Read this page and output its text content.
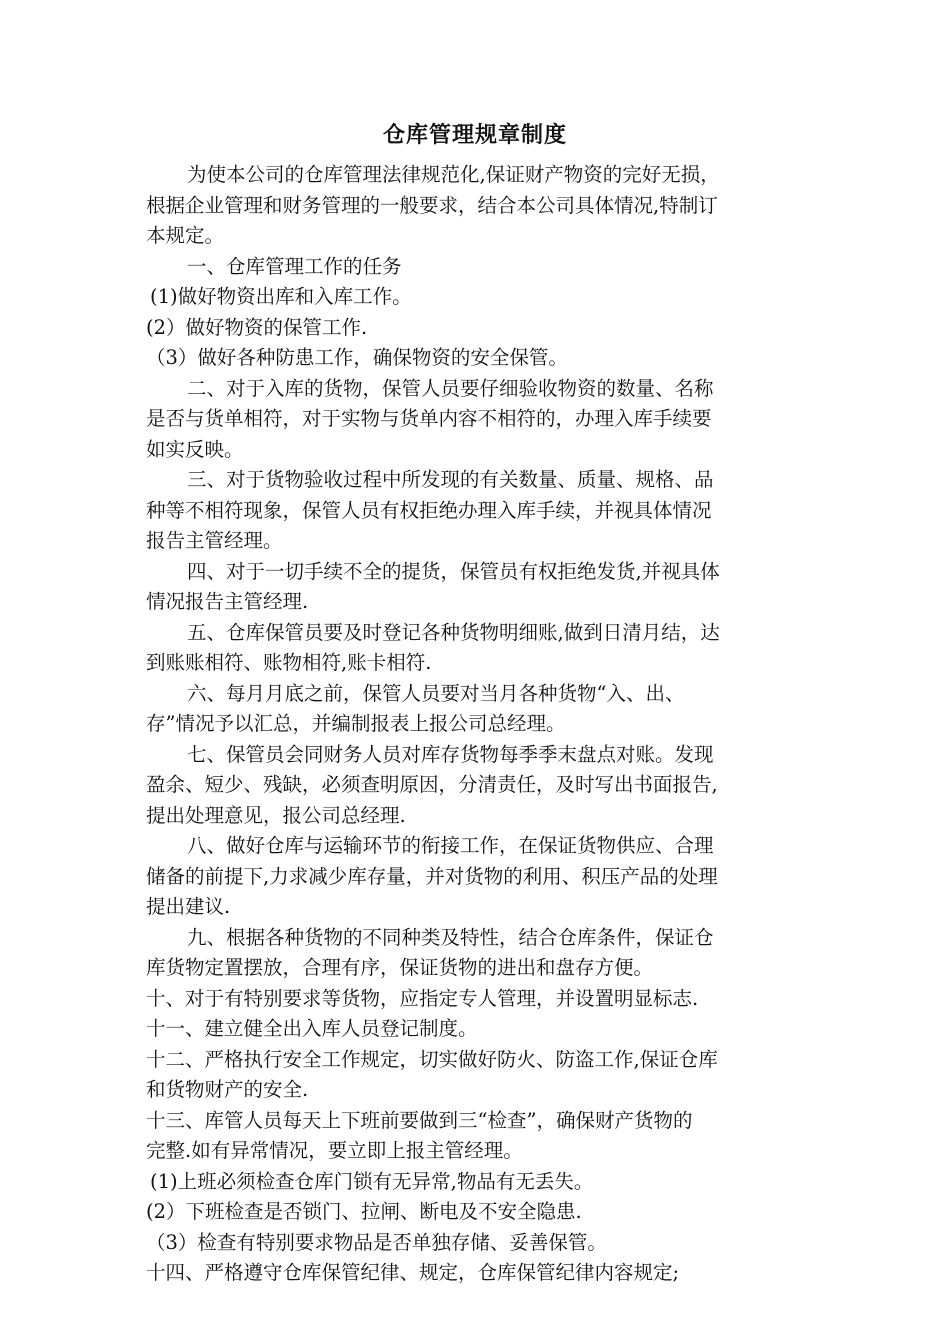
仓库管理规章制度
为使本公司的仓库管理法律规范化,保证财产物资的完好无损，
根据企业管理和财务管理的一般要求，结合本公司具体情况,特制订
本规定。
一、仓库管理工作的任务
(1)做好物资出库和入库工作。
(2）做好物资的保管工作.
（3）做好各种防患工作，确保物资的安全保管。
二、对于入库的货物，保管人员要仔细验收物资的数量、名称
是否与货单相符，对于实物与货单内容不相符的，办理入库手续要
如实反映。
三、对于货物验收过程中所发现的有关数量、质量、规格、品
种等不相符现象，保管人员有权拒绝办理入库手续，并视具体情况
报告主管经理。
四、对于一切手续不全的提货，保管员有权拒绝发货,并视具体
情况报告主管经理.
五、仓库保管员要及时登记各种货物明细账,做到日清月结，达
到账账相符、账物相符,账卡相符.
六、每月月底之前，保管人员要对当月各种货物“入、出、
存”情况予以汇总，并编制报表上报公司总经理。
七、保管员会同财务人员对库存货物每季季末盘点对账。发现
盈余、短少、残缺，必须查明原因，分清责任，及时写出书面报告,
提出处理意见，报公司总经理.
八、做好仓库与运输环节的衔接工作，在保证货物供应、合理
储备的前提下,力求减少库存量，并对货物的利用、积压产品的处理
提出建议.
九、根据各种货物的不同种类及特性，结合仓库条件，保证仓
库货物定置摆放，合理有序，保证货物的进出和盘存方便。
十、对于有特别要求等货物，应指定专人管理，并设置明显标志.
十一、建立健全出入库人员登记制度。
十二、严格执行安全工作规定，切实做好防火、防盗工作,保证仓库
和货物财产的安全.
十三、库管人员每天上下班前要做到三“检查”，确保财产货物的
完整.如有异常情况，要立即上报主管经理。
(1)上班必须检查仓库门锁有无异常,物品有无丢失。
(2）下班检查是否锁门、拉闸、断电及不安全隐患.
（3）检查有特别要求物品是否单独存储、妥善保管。
十四、严格遵守仓库保管纪律、规定，仓库保管纪律内容规定;
